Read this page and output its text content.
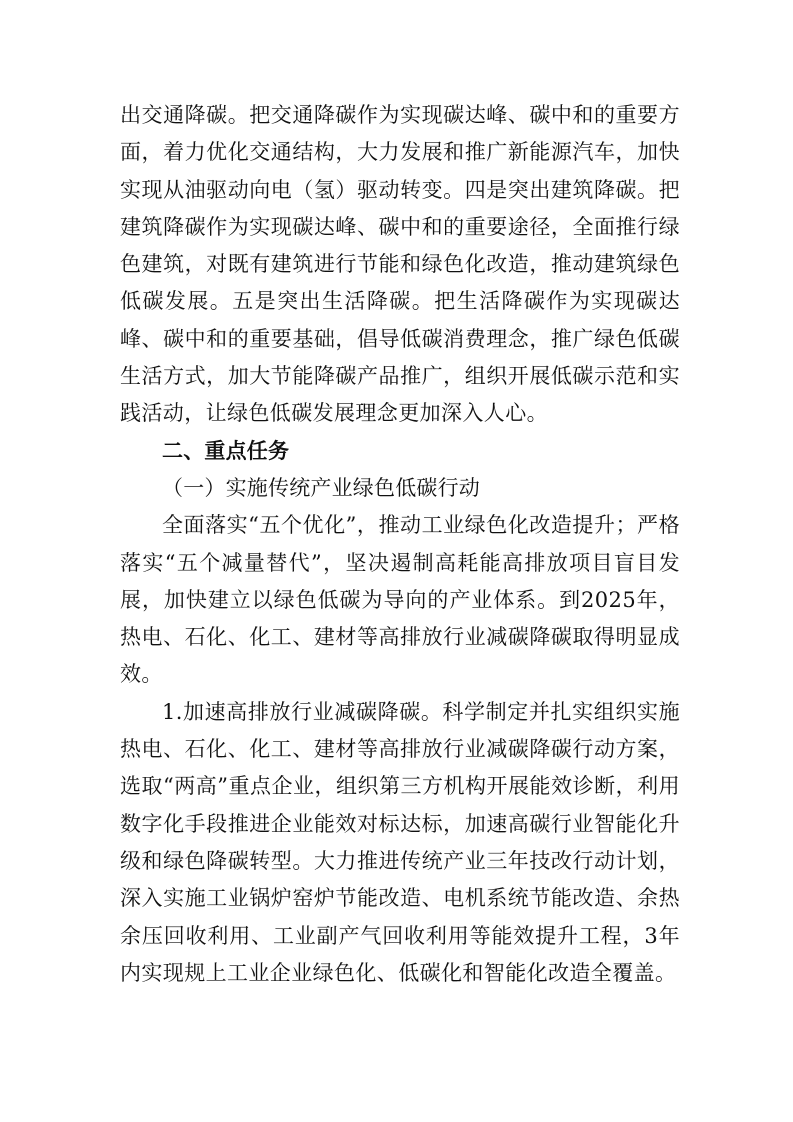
出交通降碳。把交通降碳作为实现碳达峰、碳中和的重要方面，着力优化交通结构，大力发展和推广新能源汽车，加快实现从油驱动向电（氢）驱动转变。四是突出建筑降碳。把建筑降碳作为实现碳达峰、碳中和的重要途径，全面推行绿色建筑，对既有建筑进行节能和绿色化改造，推动建筑绿色低碳发展。五是突出生活降碳。把生活降碳作为实现碳达峰、碳中和的重要基础，倡导低碳消费理念，推广绿色低碳生活方式，加大节能降碳产品推广，组织开展低碳示范和实践活动，让绿色低碳发展理念更加深入人心。

二、重点任务

（一）实施传统产业绿色低碳行动

全面落实“五个优化”，推动工业绿色化改造提升；严格落实“五个减量替代”，坚决遏制高耗能高排放项目盲目发展，加快建立以绿色低碳为导向的产业体系。到2025年，热电、石化、化工、建材等高排放行业减碳降碳取得明显成效。

1.加速高排放行业减碳降碳。科学制定并扎实组织实施热电、石化、化工、建材等高排放行业减碳降碳行动方案，选取“两高”重点企业，组织第三方机构开展能效诊断，利用数字化手段推进企业能效对标达标，加速高碳行业智能化升级和绿色降碳转型。大力推进传统产业三年技改行动计划，深入实施工业锅炉窑炉节能改造、电机系统节能改造、余热余压回收利用、工业副产气回收利用等能效提升工程，3年内实现规上工业企业绿色化、低碳化和智能化改造全覆盖。
